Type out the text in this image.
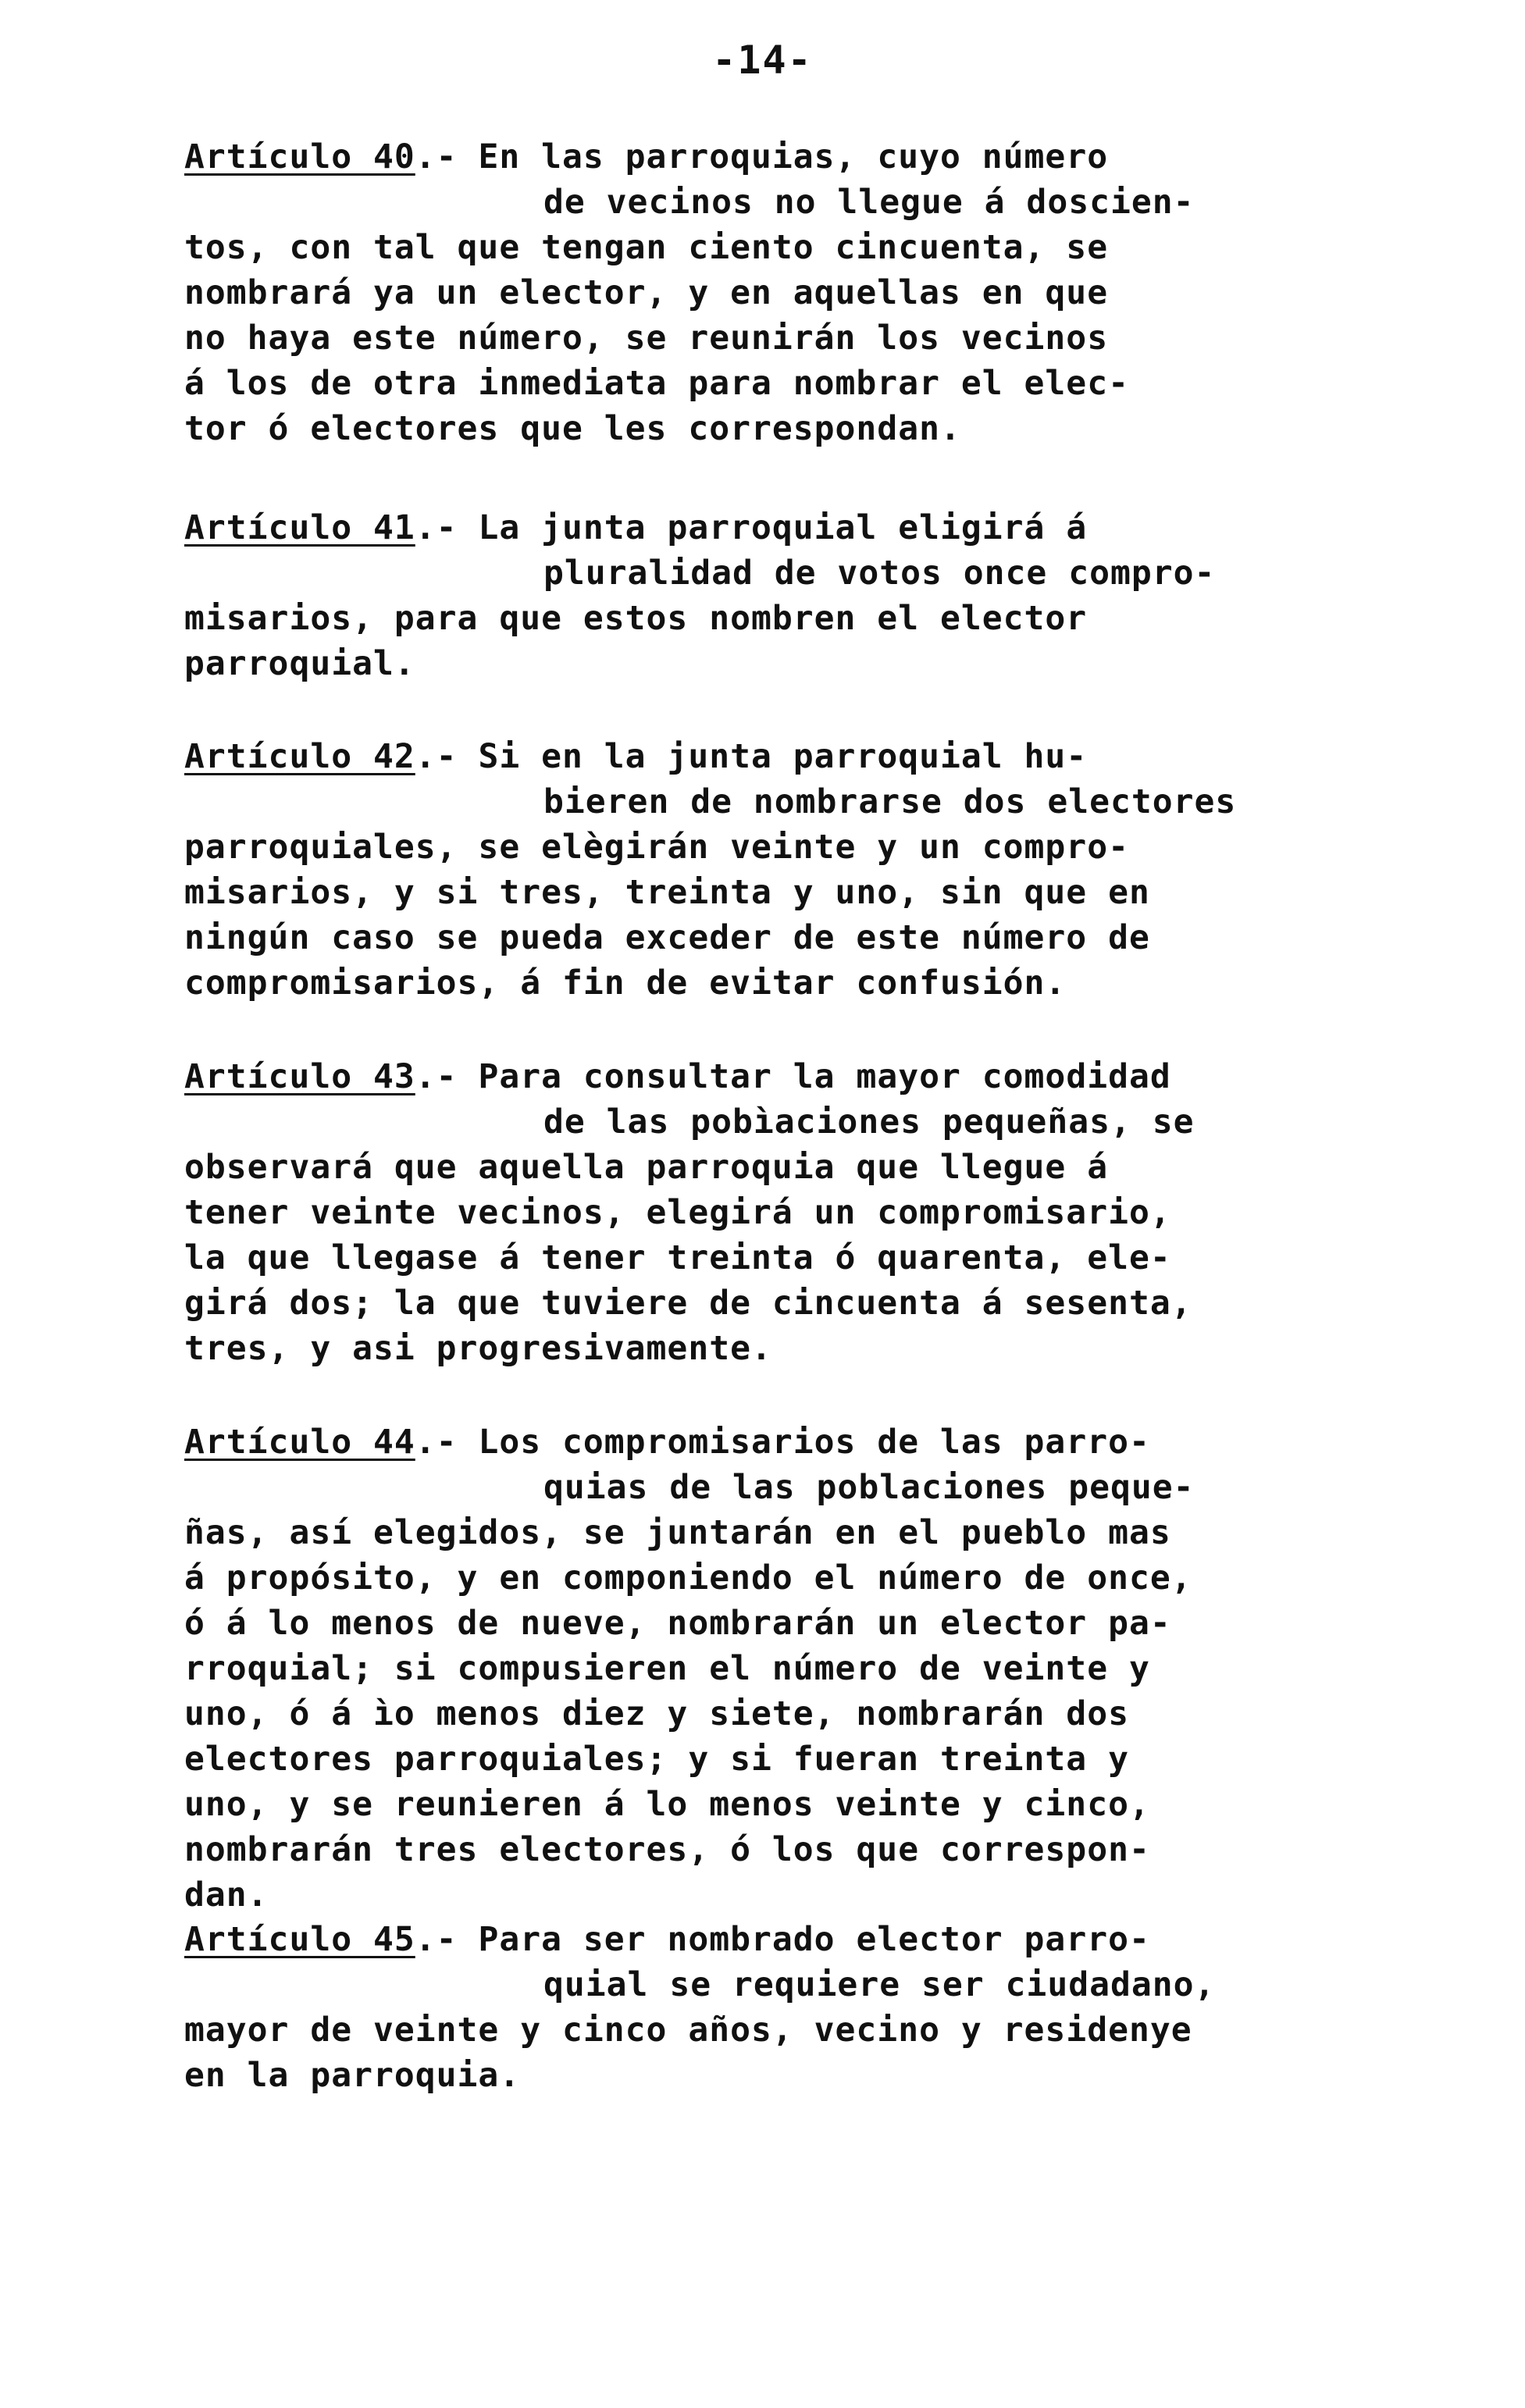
-14-
Artículo 40.- En las parroquias, cuyo número
de vecinos no llegue á doscien-
tos, con tal que tengan ciento cincuenta, se
nombrará ya un elector, y en aquellas en que
no haya este número, se reunirán los vecinos
á los de otra inmediata para nombrar el elec-
tor ó electores que les correspondan.
Artículo 41.- La junta parroquial eligirá á
pluralidad de votos once compro-
misarios, para que estos nombren el elector
parroquial.
Artículo 42.- Si en la junta parroquial hu-
bieren de nombrarse dos electores
parroquiales, se elègirán veinte y un compro-
misarios, y si tres, treinta y uno, sin que en
ningún caso se pueda exceder de este número de
compromisarios, á fin de evitar confusión.
Artículo 43.- Para consultar la mayor comodidad
de las pobìaciones pequeñas, se
observará que aquella parroquia que llegue á
tener veinte vecinos, elegirá un compromisario,
la que llegase á tener treinta ó quarenta, ele-
girá dos; la que tuviere de cincuenta á sesenta,
tres, y asi progresivamente.
Artículo 44.- Los compromisarios de las parro-
quias de las poblaciones peque-
ñas, así elegidos, se juntarán en el pueblo mas
á propósito, y en componiendo el número de once,
ó á lo menos de nueve, nombrarán un elector pa-
rroquial; si compusieren el número de veinte y
uno, ó á ìo menos diez y siete, nombrarán dos
electores parroquiales; y si fueran treinta y
uno, y se reunieren á lo menos veinte y cinco,
nombrarán tres electores, ó los que correspon-
dan.
Artículo 45.- Para ser nombrado elector parro-
quial se requiere ser ciudadano,
mayor de veinte y cinco años, vecino y residenye
en la parroquia.
